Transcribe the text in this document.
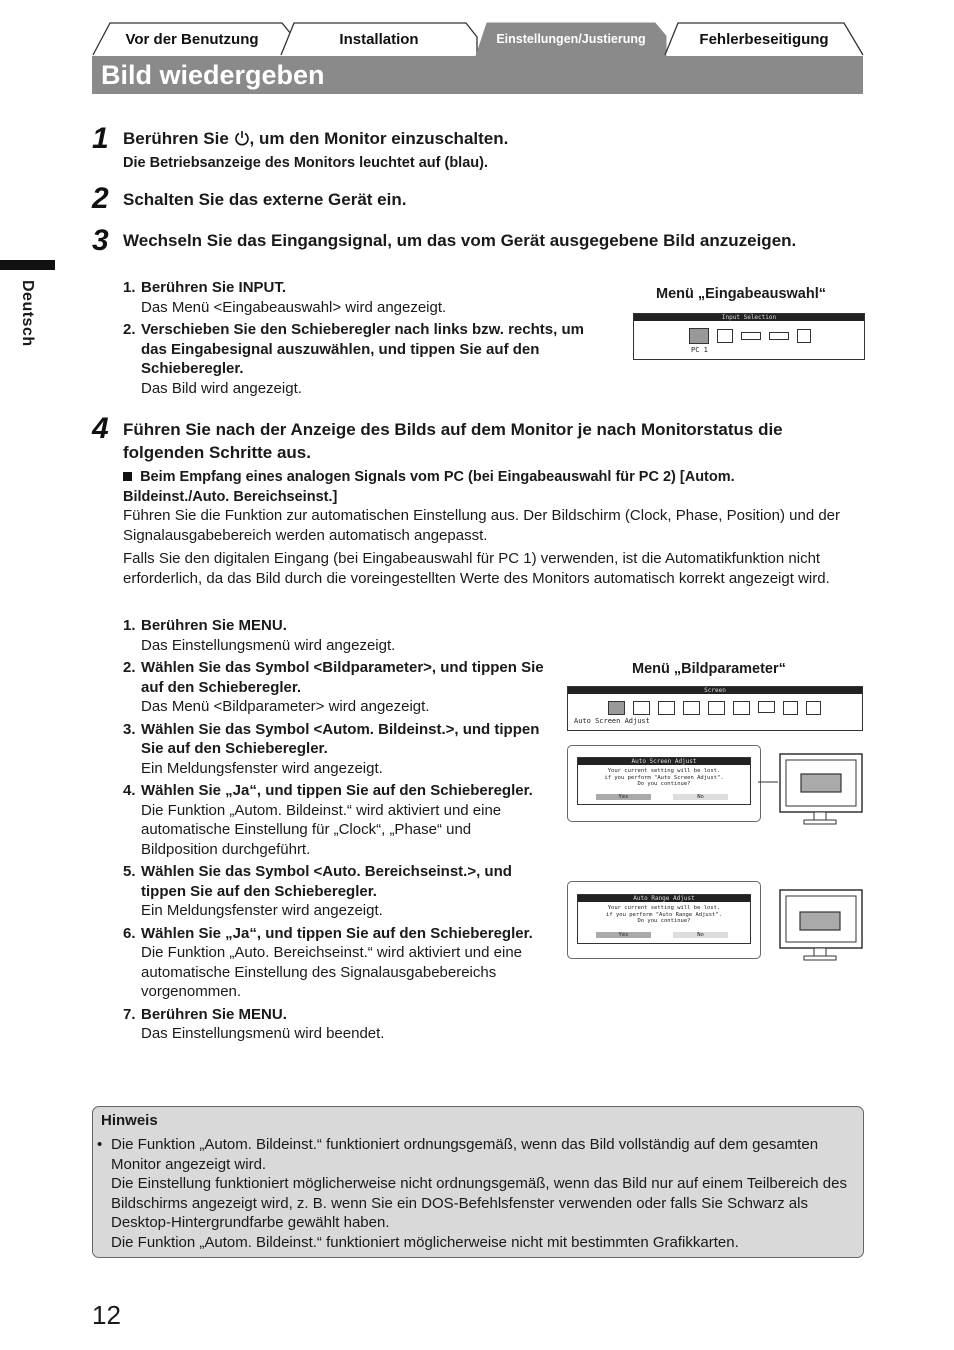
Vor der Benutzung	Installation	Einstellungen/Justierung	Fehlerbeseitigung
Bild wiedergeben
Deutsch
1 Berühren Sie , um den Monitor einzuschalten.
Die Betriebsanzeige des Monitors leuchtet auf (blau).
2 Schalten Sie das externe Gerät ein.
3 Wechseln Sie das Eingangsignal, um das vom Gerät ausgegebene Bild anzuzeigen.
1. Berühren Sie INPUT.
Das Menü <Eingabeauswahl> wird angezeigt.
2. Verschieben Sie den Schieberegler nach links bzw. rechts, um das Eingabesignal auszuwählen, und tippen Sie auf den Schieberegler.
Das Bild wird angezeigt.
Menü „Eingabeauswahl“
Input Selection
PC 1
4 Führen Sie nach der Anzeige des Bilds auf dem Monitor je nach Monitorstatus die folgenden Schritte aus.
Beim Empfang eines analogen Signals vom PC (bei Eingabeauswahl für PC 2) [Autom. Bildeinst./Auto. Bereichseinst.]
Führen Sie die Funktion zur automatischen Einstellung aus. Der Bildschirm (Clock, Phase, Position) und der Signalausgabebereich werden automatisch angepasst.
Falls Sie den digitalen Eingang (bei Eingabeauswahl für PC 1) verwenden, ist die Automatikfunktion nicht erforderlich, da das Bild durch die voreingestellten Werte des Monitors automatisch korrekt angezeigt wird.
1. Berühren Sie MENU.
Das Einstellungsmenü wird angezeigt.
2. Wählen Sie das Symbol <Bildparameter>, und tippen Sie auf den Schieberegler.
Das Menü <Bildparameter> wird angezeigt.
3. Wählen Sie das Symbol <Autom. Bildeinst.>, und tippen Sie auf den Schieberegler.
Ein Meldungsfenster wird angezeigt.
4. Wählen Sie „Ja“, und tippen Sie auf den Schieberegler.
Die Funktion „Autom. Bildeinst.“ wird aktiviert und eine automatische Einstellung für „Clock“, „Phase“ und Bildposition durchgeführt.
5. Wählen Sie das Symbol <Auto. Bereichseinst.>, und tippen Sie auf den Schieberegler.
Ein Meldungsfenster wird angezeigt.
6. Wählen Sie „Ja“, und tippen Sie auf den Schieberegler.
Die Funktion „Auto. Bereichseinst.“ wird aktiviert und eine automatische Einstellung des Signalausgabebereichs vorgenommen.
7. Berühren Sie MENU.
Das Einstellungsmenü wird beendet.
Menü „Bildparameter“
Screen
Auto Screen Adjust
Auto Screen Adjust
Your current setting will be lost.
if you perform "Auto Screen Adjust".
Do you continue?
Yes	No
Auto Range Adjust
Your current setting will be lost.
if you perform "Auto Range Adjust".
Do you continue?
Yes	No
Hinweis
• Die Funktion „Autom. Bildeinst.“ funktioniert ordnungsgemäß, wenn das Bild vollständig auf dem gesamten Monitor angezeigt wird.
Die Einstellung funktioniert möglicherweise nicht ordnungsgemäß, wenn das Bild nur auf einem Teilbereich des Bildschirms angezeigt wird, z. B. wenn Sie ein DOS-Befehlsfenster verwenden oder falls Sie Schwarz als Desktop-Hintergrundfarbe gewählt haben.
Die Funktion „Autom. Bildeinst.“ funktioniert möglicherweise nicht mit bestimmten Grafikkarten.
12
